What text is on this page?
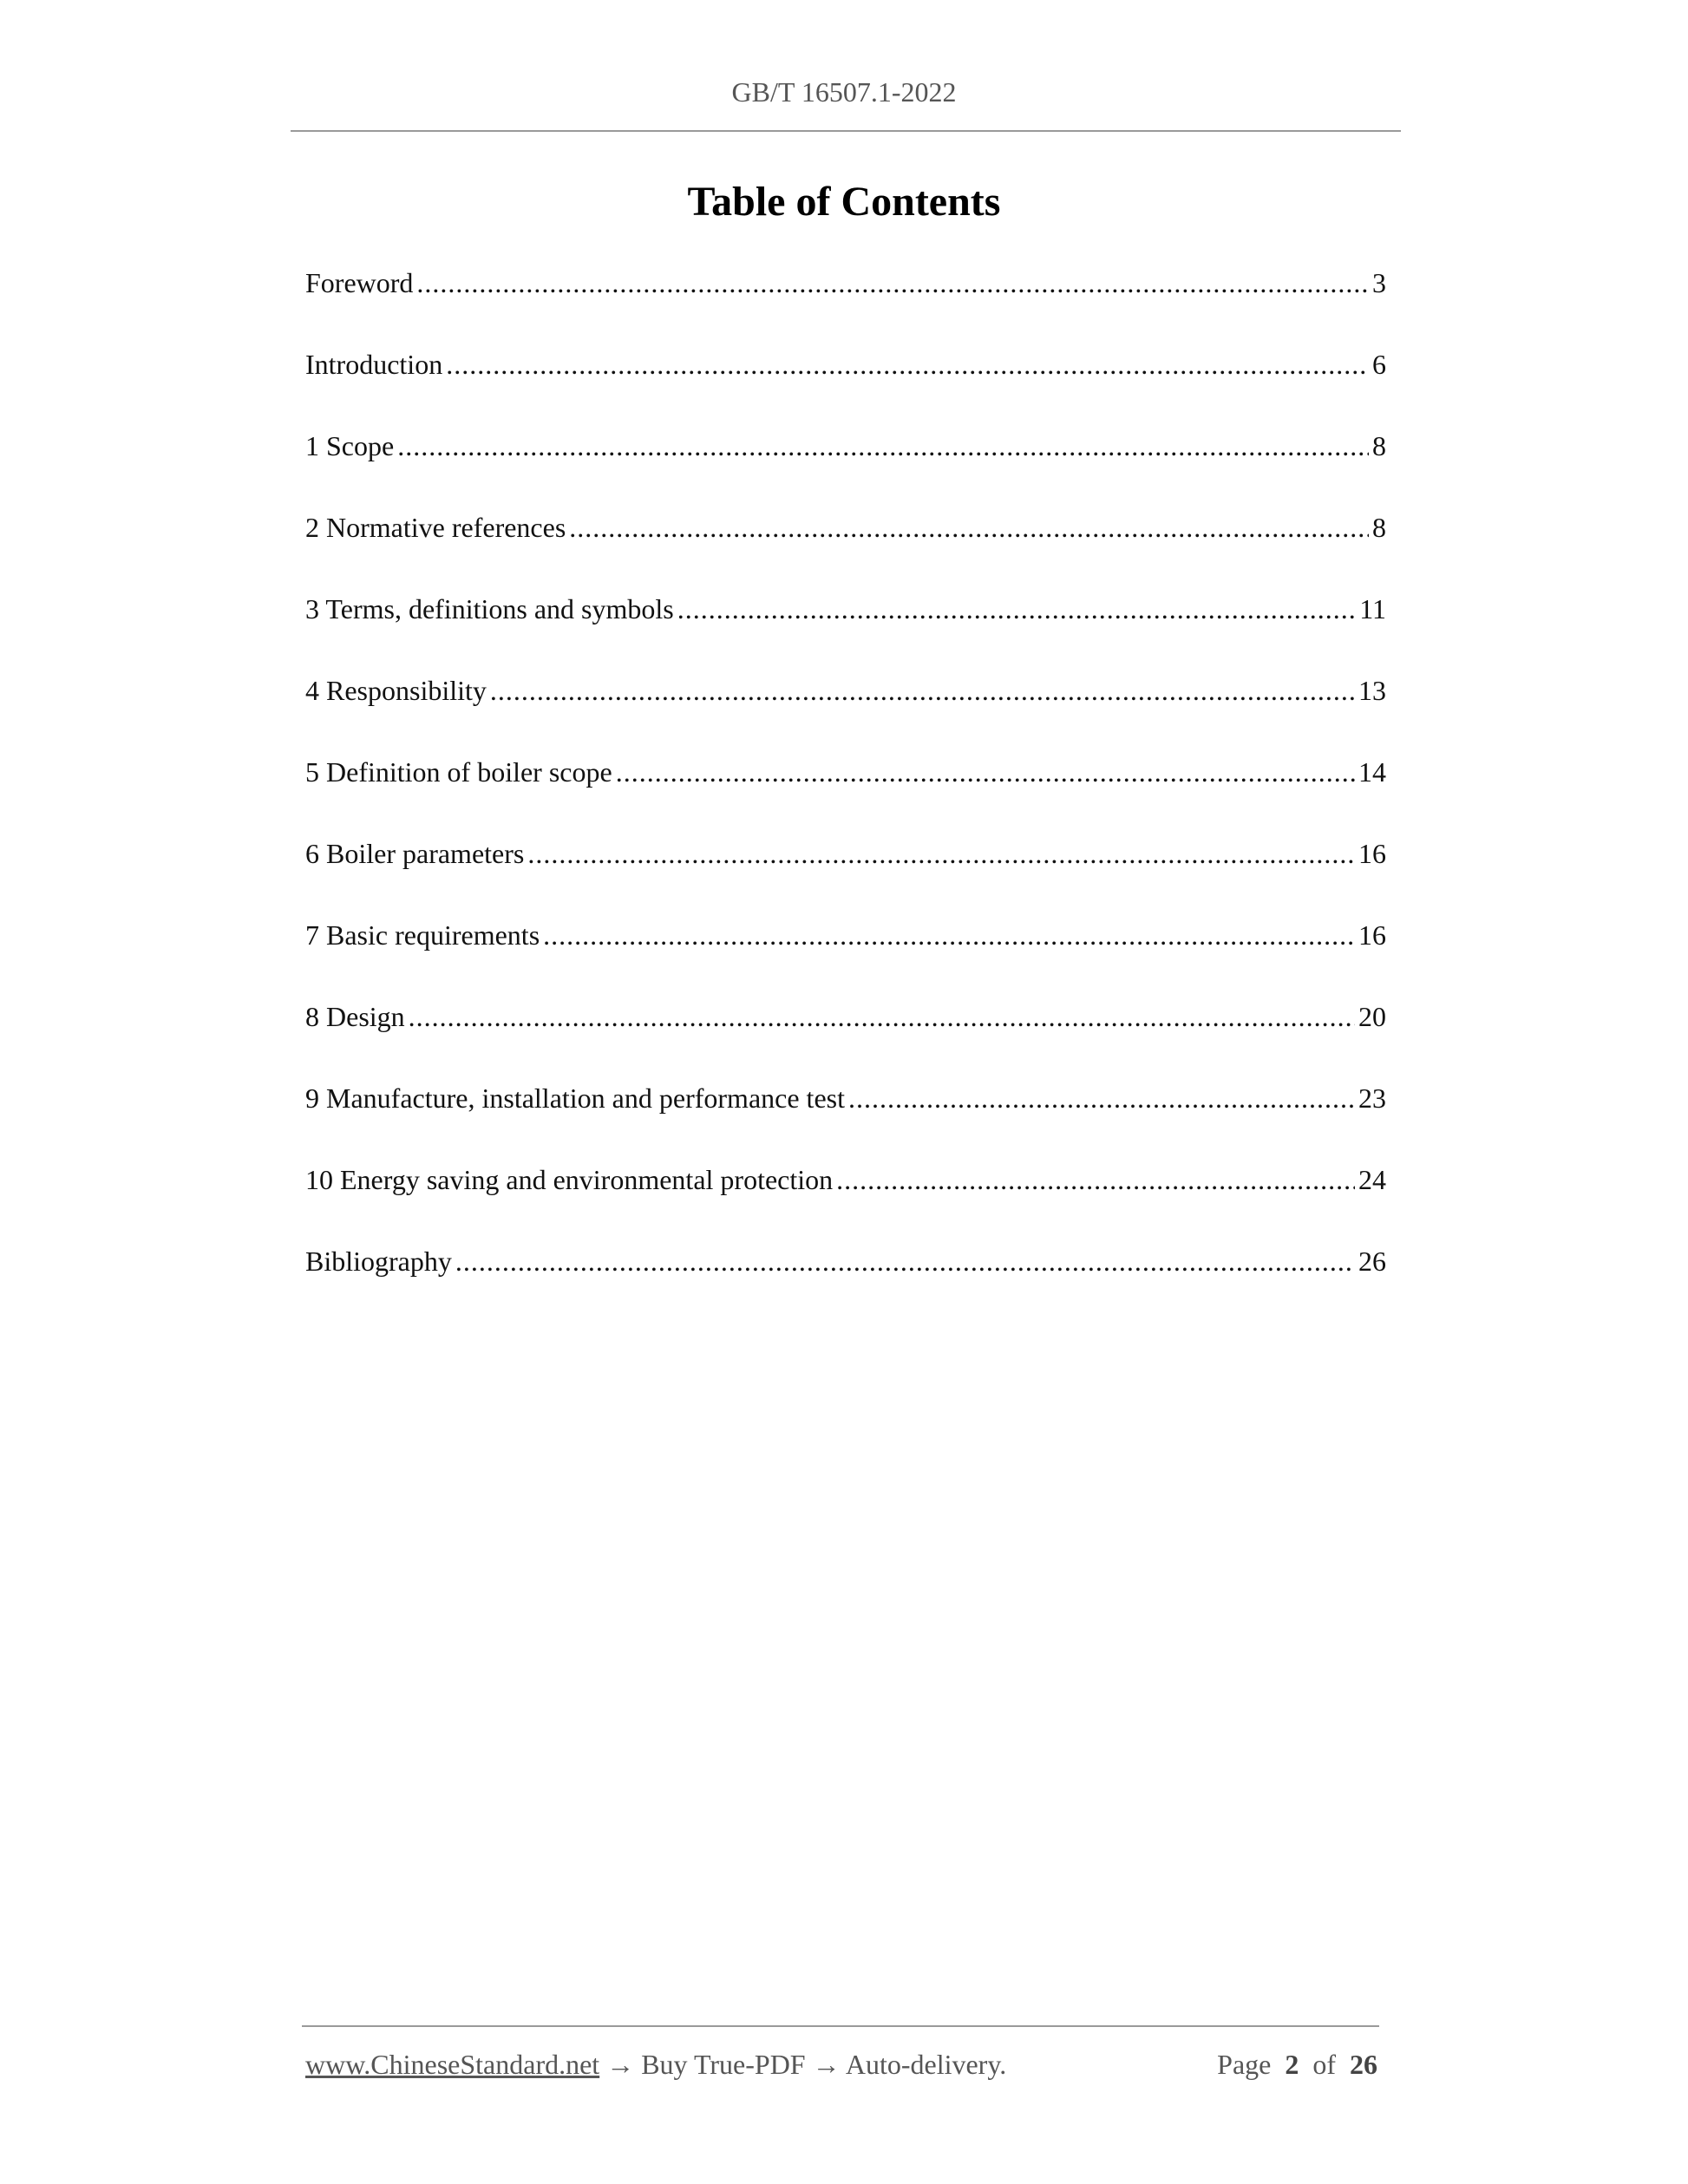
GB/T 16507.1-2022
Table of Contents
Foreword .....	3
Introduction .....	6
1 Scope .....	8
2 Normative references .....	8
3 Terms, definitions and symbols .....	11
4 Responsibility .....	13
5 Definition of boiler scope .....	14
6 Boiler parameters .....	16
7 Basic requirements .....	16
8 Design .....	20
9 Manufacture, installation and performance test .....	23
10 Energy saving and environmental protection .....	24
Bibliography .....	26
www.ChineseStandard.net → Buy True-PDF → Auto-delivery.	Page 2 of 26
